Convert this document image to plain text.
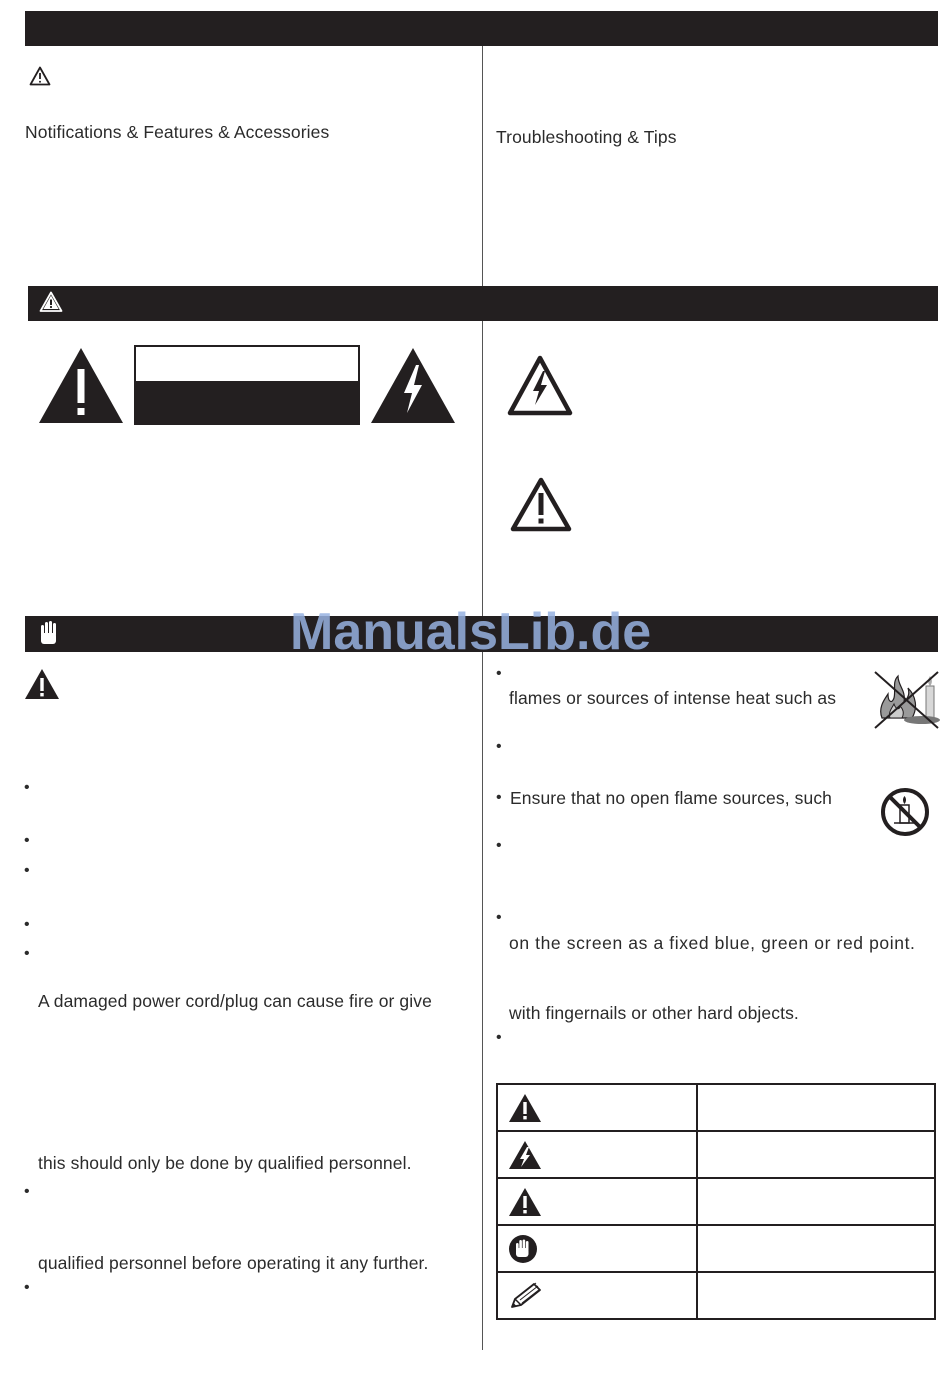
Notifications & Features & Accessories	Troubleshooting & Tips
ManualsLib.de
•
•
•
•
•
A damaged power cord/plug can cause fire or give
this should only be done by qualified personnel.
•
qualified personnel before operating it any further.
•
•
flames or sources of intense heat such as
•
• Ensure that no open flame sources, such
•
•
on the screen as a fixed blue, green or red point.
with fingernails or other hard objects.
•
